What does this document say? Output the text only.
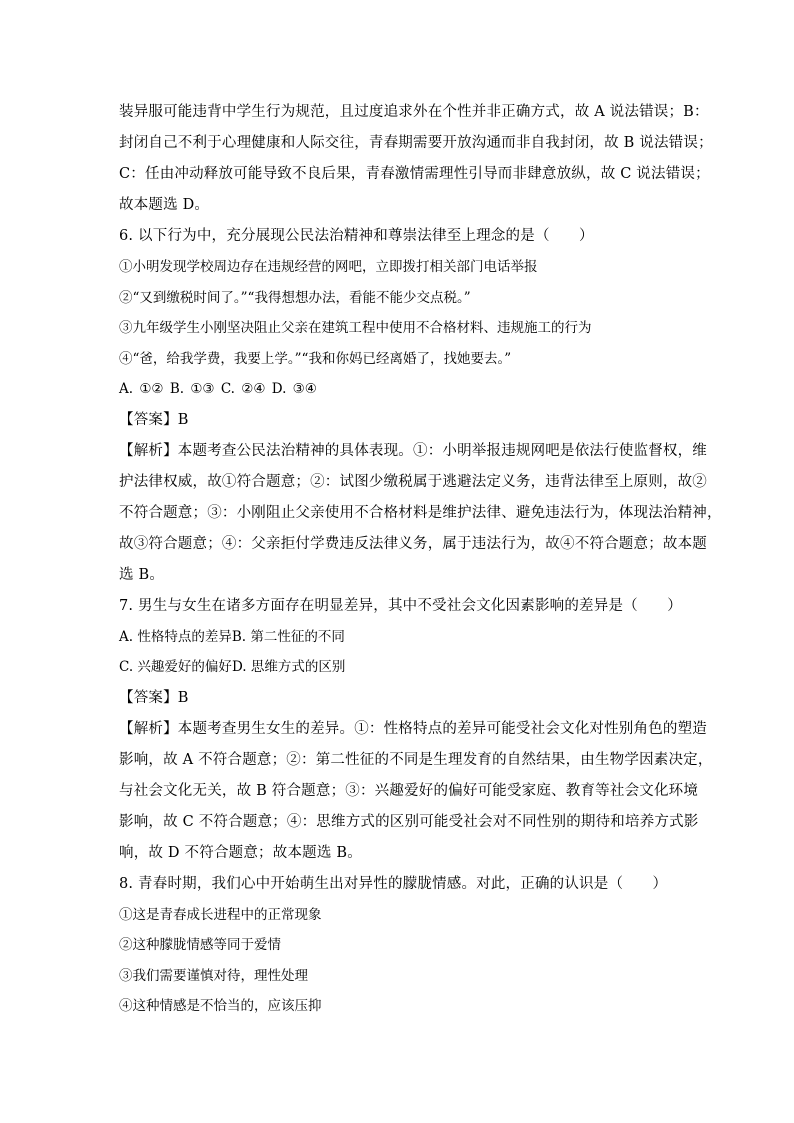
装异服可能违背中学生行为规范，且过度追求外在个性并非正确方式，故 A 说法错误；B：

封闭自己不利于心理健康和人际交往，青春期需要开放沟通而非自我封闭，故 B 说法错误；

C：任由冲动释放可能导致不良后果，青春激情需理性引导而非肆意放纵，故 C 说法错误；

故本题选 D。

6. 以下行为中，充分展现公民法治精神和尊崇法律至上理念的是（　　）

①小明发现学校周边存在违规经营的网吧，立即拨打相关部门电话举报

②“又到缴税时间了。”“我得想想办法，看能不能少交点税。”

③九年级学生小刚坚决阻止父亲在建筑工程中使用不合格材料、违规施工的行为

④“爸，给我学费，我要上学。”“我和你妈已经离婚了，找她要去。”

A. ①② B. ①③ C. ②④ D. ③④

【答案】B

【解析】本题考查公民法治精神的具体表现。①：小明举报违规网吧是依法行使监督权，维

护法律权威，故①符合题意；②：试图少缴税属于逃避法定义务，违背法律至上原则，故②

不符合题意；③：小刚阻止父亲使用不合格材料是维护法律、避免违法行为，体现法治精神，

故③符合题意；④：父亲拒付学费违反法律义务，属于违法行为，故④不符合题意；故本题

选 B。

7. 男生与女生在诸多方面存在明显差异，其中不受社会文化因素影响的差异是（　　）

A. 性格特点的差异B. 第二性征的不同

C. 兴趣爱好的偏好D. 思维方式的区别

【答案】B

【解析】本题考查男生女生的差异。①：性格特点的差异可能受社会文化对性别角色的塑造

影响，故 A 不符合题意；②：第二性征的不同是生理发育的自然结果，由生物学因素决定，

与社会文化无关，故 B 符合题意；③：兴趣爱好的偏好可能受家庭、教育等社会文化环境

影响，故 C 不符合题意；④：思维方式的区别可能受社会对不同性别的期待和培养方式影

响，故 D 不符合题意；故本题选 B。

8. 青春时期，我们心中开始萌生出对异性的朦胧情感。对此，正确的认识是（　　）

①这是青春成长进程中的正常现象

②这种朦胧情感等同于爱情

③我们需要谨慎对待，理性处理

④这种情感是不恰当的，应该压抑
